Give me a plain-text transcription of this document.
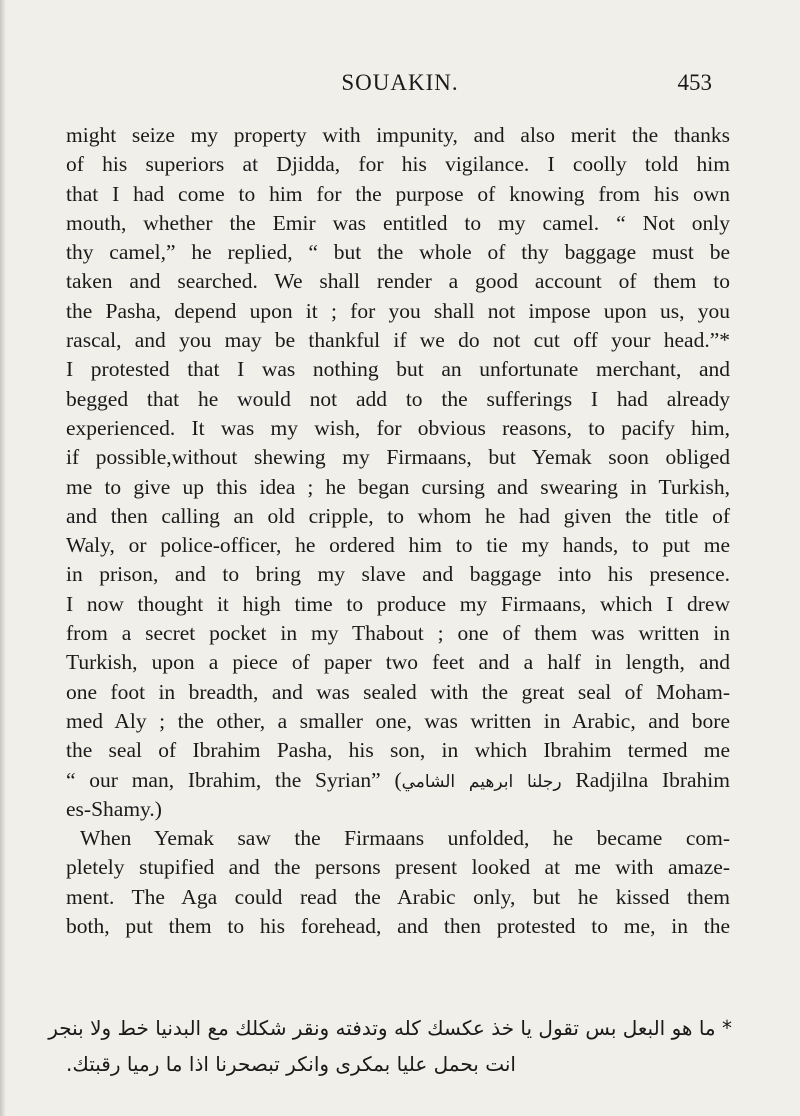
SOUAKIN.	453
might seize my property with impunity, and also merit the thanks
of his superiors at Djidda, for his vigilance. I coolly told him
that I had come to him for the purpose of knowing from his own
mouth, whether the Emir was entitled to my camel. “ Not only
thy camel,” he replied, “ but the whole of thy baggage must be
taken and searched. We shall render a good account of them to
the Pasha, depend upon it ; for you shall not impose upon us, you
rascal, and you may be thankful if we do not cut off your head.”*
I protested that I was nothing but an unfortunate merchant, and
begged that he would not add to the sufferings I had already
experienced. It was my wish, for obvious reasons, to pacify him,
if possible,without shewing my Firmaans, but Yemak soon obliged
me to give up this idea ; he began cursing and swearing in Turkish,
and then calling an old cripple, to whom he had given the title of
Waly, or police-officer, he ordered him to tie my hands, to put me
in prison, and to bring my slave and baggage into his presence.
I now thought it high time to produce my Firmaans, which I drew
from a secret pocket in my Thabout ; one of them was written in
Turkish, upon a piece of paper two feet and a half in length, and
one foot in breadth, and was sealed with the great seal of Moham-
med Aly ; the other, a smaller one, was written in Arabic, and bore
the seal of Ibrahim Pasha, his son, in which Ibrahim termed me
“ our man, Ibrahim, the Syrian” (رجلنا ابرهيم الشامي Radjilna Ibrahim
es-Shamy.)
When Yemak saw the Firmaans unfolded, he became com-
pletely stupified and the persons present looked at me with amaze-
ment. The Aga could read the Arabic only, but he kissed them
both, put them to his forehead, and then protested to me, in the
* ما هو البعل بس تقول يا خذ عكسك كله وتدفته ونقر شكلك مع البدنيا خط ولا بنجر
انت بحمل عليا بمكرى وانكر تبصحرنا اذا ما رميا رقبتك.
